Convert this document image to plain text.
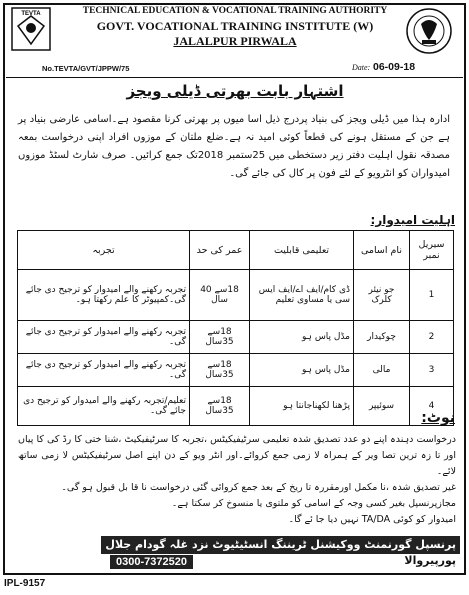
TEVTA	TECHNICAL EDUCATION & VOCATIONAL TRAINING AUTHORITY
GOVT. VOCATIONAL TRAINING INSTITUTE (W)
JALALPUR PIRWALA
No.TEVTA/GVT/JPPW/75	Date: 06-09-18
اشتہار بابت بھرتی ڈیلی ویجز
ادارہ ہذا میں ڈیلی ویجز کی بنیاد پردرج ذیل اسا میوں پر بھرتی کرنا مقصود ہے۔اسامی عارضی بنیاد پر ہے جن کے مستقل ہونے کی قطعاً کوئی امید نہ ہے۔ضلع ملتان کے موزوں افراد اپنی درخواست بمعہ مصدقہ نقول اہلیت دفتر زیر دستخطی میں 25ستمبر 2018تک جمع کرائیں۔ صرف شارٹ لسٹڈ موزوں امیدواران کو انٹرویو کے لئے فون پر کال کی جائے گی۔
اہلیت امیدوار:
سیریل نمبر	نام اسامی	تعلیمی قابلیت	عمر کی حد	تجربہ
1	جو نیئر کلرک	ڈی کام/ایف اے/ایف ایس سی یا مساوی تعلیم	18سے 40 سال	تجربہ رکھنے والے امیدوار کو ترجیح دی جائے گی۔کمپیوٹر کا علم رکھتا ہو۔
2	چوکیدار	مڈل پاس ہو	18سے 35سال	تجربہ رکھنے والے امیدوار کو ترجیح دی جائے گی۔
3	مالی	مڈل پاس ہو	18سے 35سال	تجربہ رکھنے والے امیدوار کو ترجیح دی جائے گی۔
4	سوئیپر	پڑھنا لکھناجانتا ہو	18سے 35سال	تعلیم/تجربہ رکھنے والے امیدوار کو ترجیح دی جائے گی۔	نوٹ:

درخواست دہندہ اپنے دو عدد تصدیق شدہ تعلیمی سرٹیفیکیٹس ،تجربہ کا سرٹیفیکیٹ ،شنا ختی کا رڈ کی کا پیاں اور تا زہ ترین تصا ویر کے ہمراہ لا زمی جمع کروائے۔اور انٹر ویو کے دن اپنے اصل سرٹیفیکیٹس لا زمی ساتھ لائے۔

غیر تصدیق شدہ ،نا مکمل اورمقررہ تا ریخ کے بعد جمع کروائی گئی درخواست نا قا بل قبول ہو گی۔

مجازپرنسپل بغیر کسی وجہ کے اسامی کو ملتوی یا منسوخ کر سکتا ہے۔

امیدوار کو کوئی TA/DA نہیں دیا جا ئے گا۔

پرنسپل گورنمنٹ ووکیشنل ٹریننگ انسٹیٹیوٹ نزد غلہ گودام جلال
پورپیروالا
0300-7372520
IPL-9157
